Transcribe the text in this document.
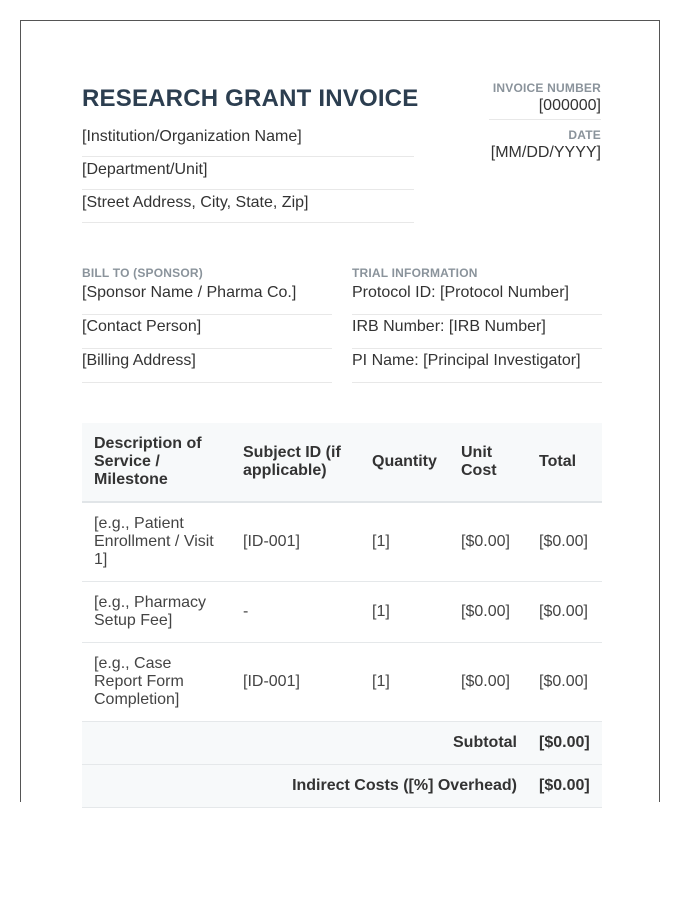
RESEARCH GRANT INVOICE
[Institution/Organization Name]
[Department/Unit]
[Street Address, City, State, Zip]
INVOICE NUMBER
[000000]
DATE
[MM/DD/YYYY]
BILL TO (SPONSOR)
[Sponsor Name / Pharma Co.]
[Contact Person]
[Billing Address]
TRIAL INFORMATION
Protocol ID: [Protocol Number]
IRB Number: [IRB Number]
PI Name: [Principal Investigator]
Description of Service / Milestone	Subject ID (if applicable)	Quantity	Unit Cost	Total
[e.g., Patient Enrollment / Visit 1]	[ID-001]	[1]	[$0.00]	[$0.00]
[e.g., Pharmacy Setup Fee]	-	[1]	[$0.00]	[$0.00]
[e.g., Case Report Form Completion]	[ID-001]	[1]	[$0.00]	[$0.00]
Subtotal				[$0.00]
Indirect Costs ([%] Overhead)				[$0.00]
